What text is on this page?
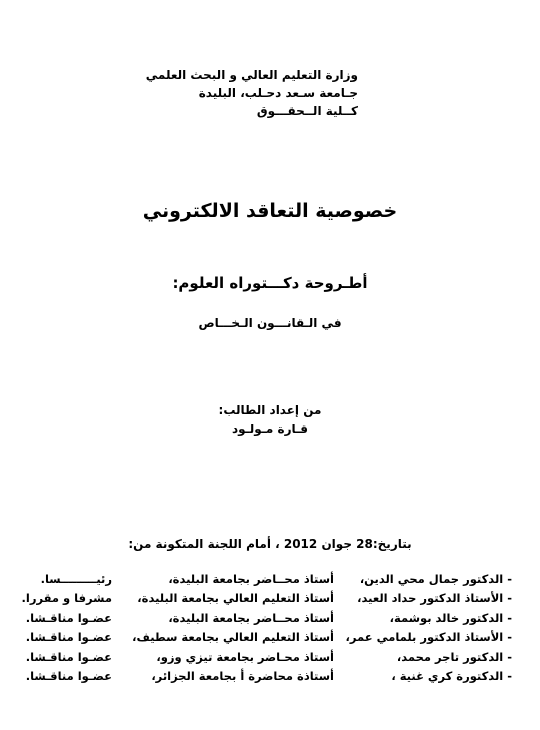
وزارة التعليم العالي و البحث العلمي
جـامعة سـعد دحـلب، البليدة
كــلية الــحقـــوق
خصوصية التعاقد الالكتروني
أطـروحة دكـــتوراه العلوم:
في الـقانـــون الـخـــاص
من إعداد الطالب:
قـارة مـولـود
بتاريخ:28 جوان 2012 ، أمام اللجنة المتكونة من:
- الدكتور جمال محي الدين،
أستاذ محــاضر بجامعة البليدة،
رئيـــــــــسا.
- الأستاذ الدكتور حداد العيد،
أستاذ التعليم العالي بجامعة البليدة،
مشرفا و مقررا.
- الدكتور خالد بوشمة،
أستاذ محــاضر بجامعة البليدة،
عضـوا مناقـشا.
- الأستاذ الدكتور بلمامي عمر،
أستاذ التعليم العالي بجامعة سطيف،
عضـوا مناقـشا.
- الدكتور تاجر محمد،
أستاذ محـاضر بجامعة تيزي وزو،
عضـوا مناقـشا.
- الدكتورة كري غنية ،
أستاذة محاضرة أ بجامعة الجزائر،
عضـوا مناقـشا.
